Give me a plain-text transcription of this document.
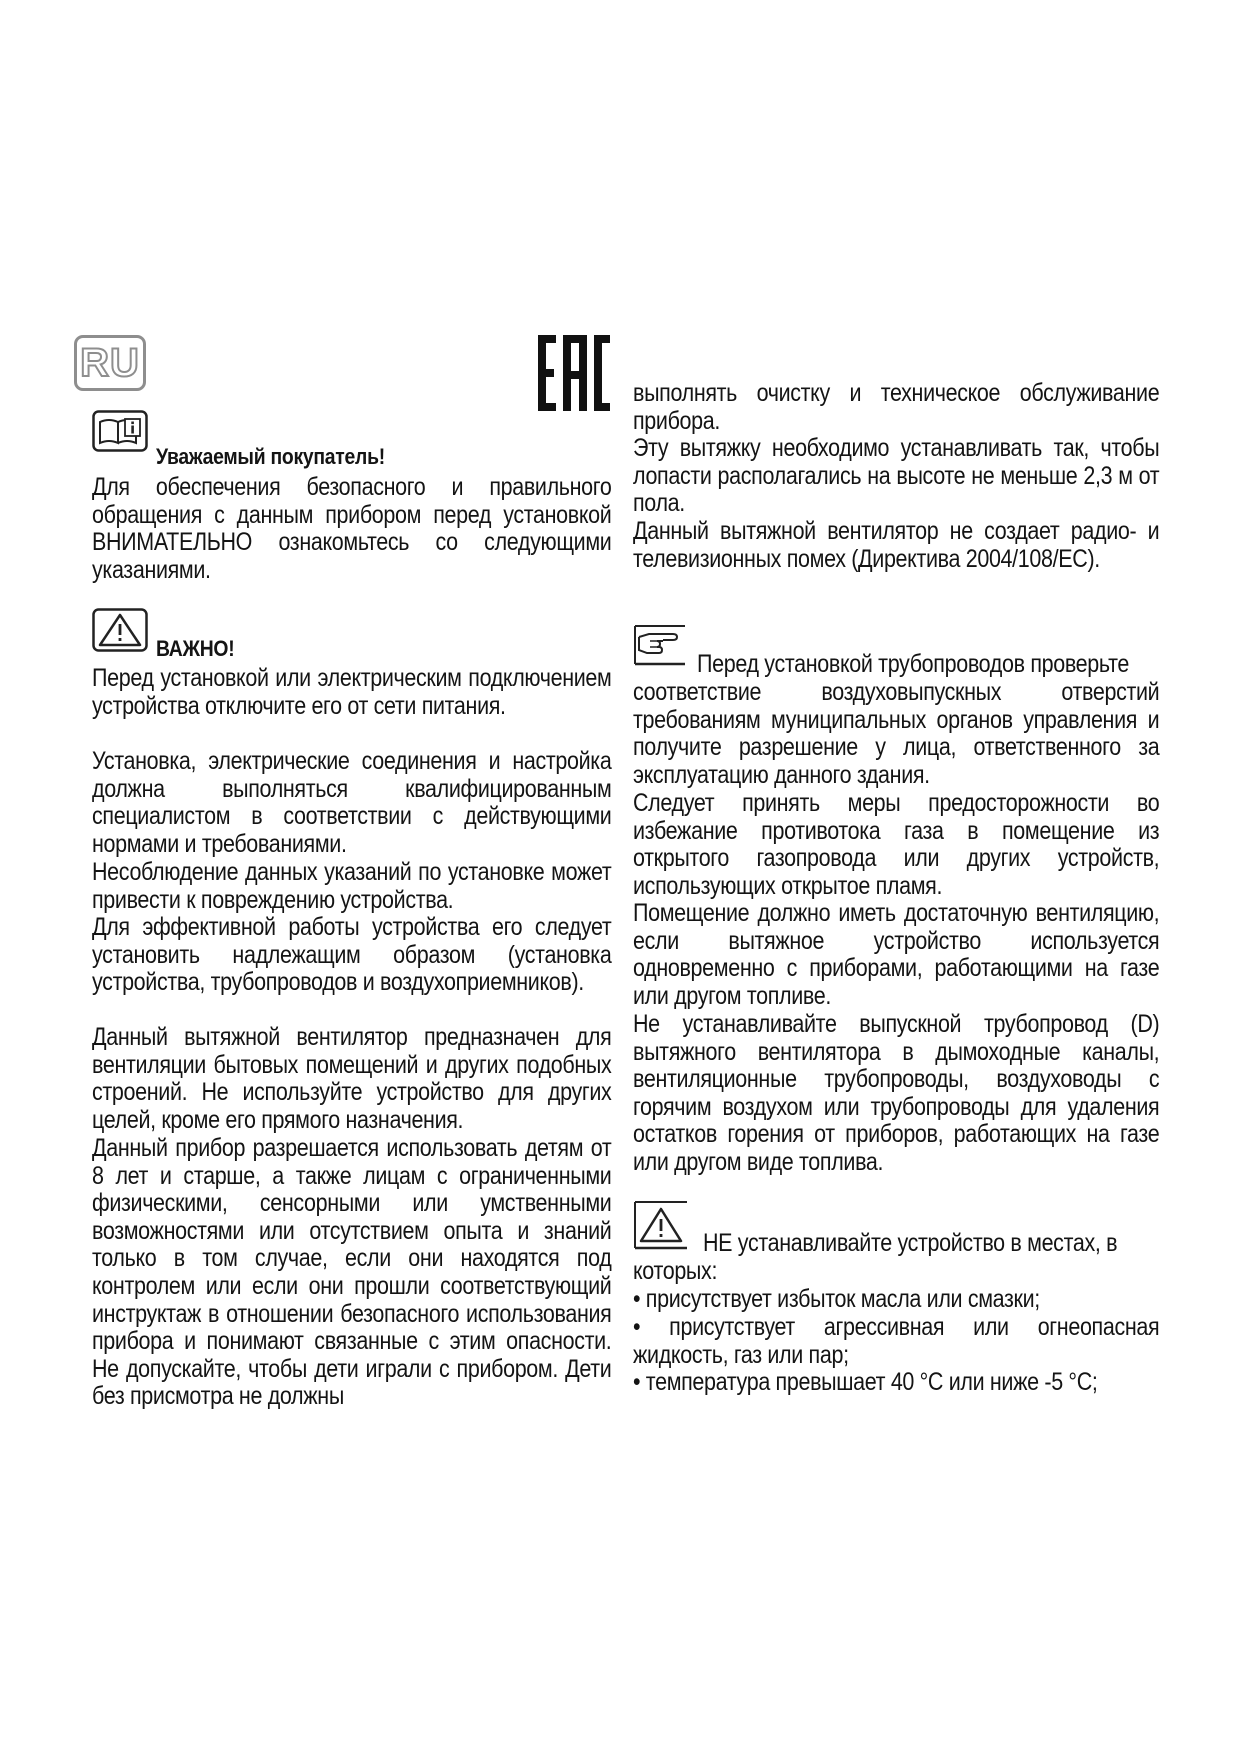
RU
Уважаемый покупатель!

Для обеспечения безопасного и правильного обращения с данным прибором перед установкой ВНИМАТЕЛЬНО ознакомьтесь со следующими указаниями.

ВАЖНО!

Перед установкой или электрическим подключением устройства отключите его от сети питания.

Установка, электрические соединения и настройка должна выполняться квалифицированным специалистом в соответствии с действующими нормами и требованиями.

Несоблюдение данных указаний по установке может привести к повреждению устройства.

Для эффективной работы устройства его следует установить надлежащим образом (установка устройства, трубопроводов и воздухоприемников).

Данный вытяжной вентилятор предназначен для вентиляции бытовых помещений и других подобных строений. Не используйте устройство для других целей, кроме его прямого назначения.

Данный прибор разрешается использовать детям от 8 лет и старше, а также лицам с ограниченными физическими, сенсорными или умственными возможностями или отсутствием опыта и знаний только в том случае, если они находятся под контролем или если они прошли соответствующий инструктаж в отношении безопасного использования прибора и понимают связанные с этим опасности. Не допускайте, чтобы дети играли с прибором. Дети без присмотра не должны

выполнять очистку и техническое обслуживание прибора.

Эту вытяжку необходимо устанавливать так, чтобы лопасти располагались на высоте не меньше 2,3 м от пола.

Данный вытяжной вентилятор не создает радио- и телевизионных помех (Директива 2004/108/EC).

Перед установкой трубопроводов проверьте

соответствие воздуховыпускных отверстий требованиям муниципальных органов управления и получите разрешение у лица, ответственного за эксплуатацию данного здания.

Следует принять меры предосторожности во избежание противотока газа в помещение из открытого газопровода или других устройств, использующих открытое пламя.

Помещение должно иметь достаточную вентиляцию, если вытяжное устройство используется одновременно с приборами, работающими на газе или другом топливе.

Не устанавливайте выпускной трубопровод (D) вытяжного вентилятора в дымоходные каналы, вентиляционные трубопроводы, воздуховоды с горячим воздухом или трубопроводы для удаления остатков горения от приборов, работающих на газе или другом виде топлива.

НЕ устанавливайте устройство в местах, в
которых:

• присутствует избыток масла или смазки;

• присутствует агрессивная или огнеопасная жидкость, газ или пар;

• температура превышает 40 °C или ниже -5 °C;
